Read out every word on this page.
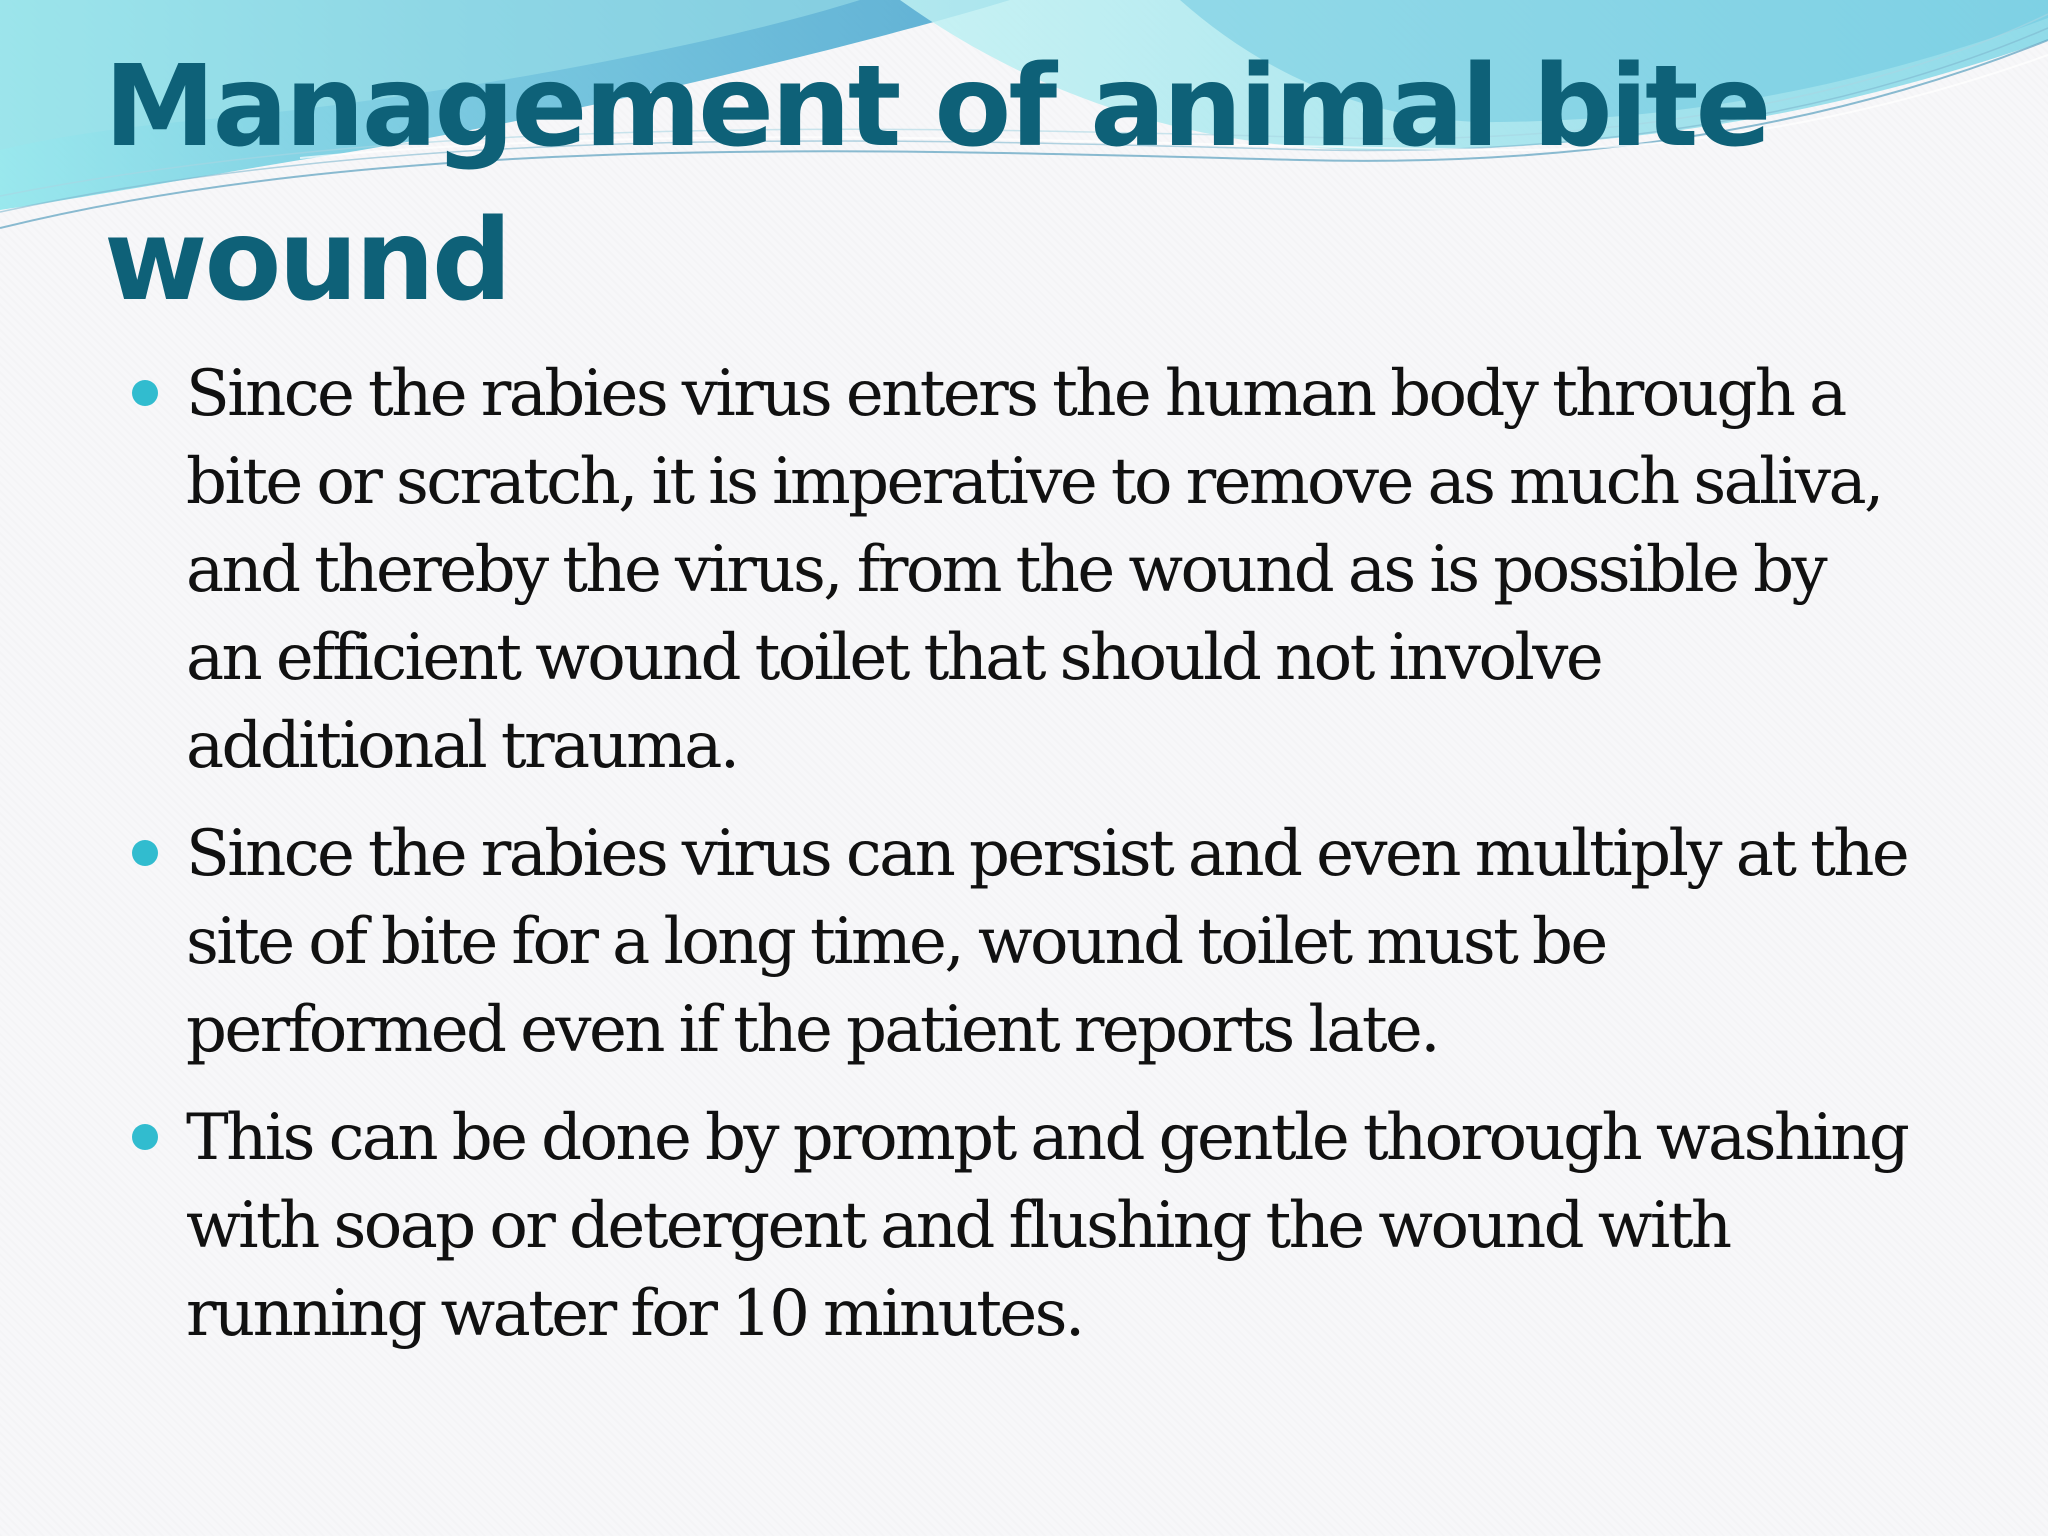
Management of animal bite wound
Since the rabies virus enters the human body through a bite or scratch, it is imperative to remove as much saliva, and thereby the virus, from the wound as is possible by an efficient wound toilet that should not involve additional trauma.
Since the rabies virus can persist and even multiply at the site of bite for a long time, wound toilet must be performed even if the patient reports late.
This can be done by prompt and gentle thorough washing with soap or detergent and flushing the wound with running water for 10 minutes.
